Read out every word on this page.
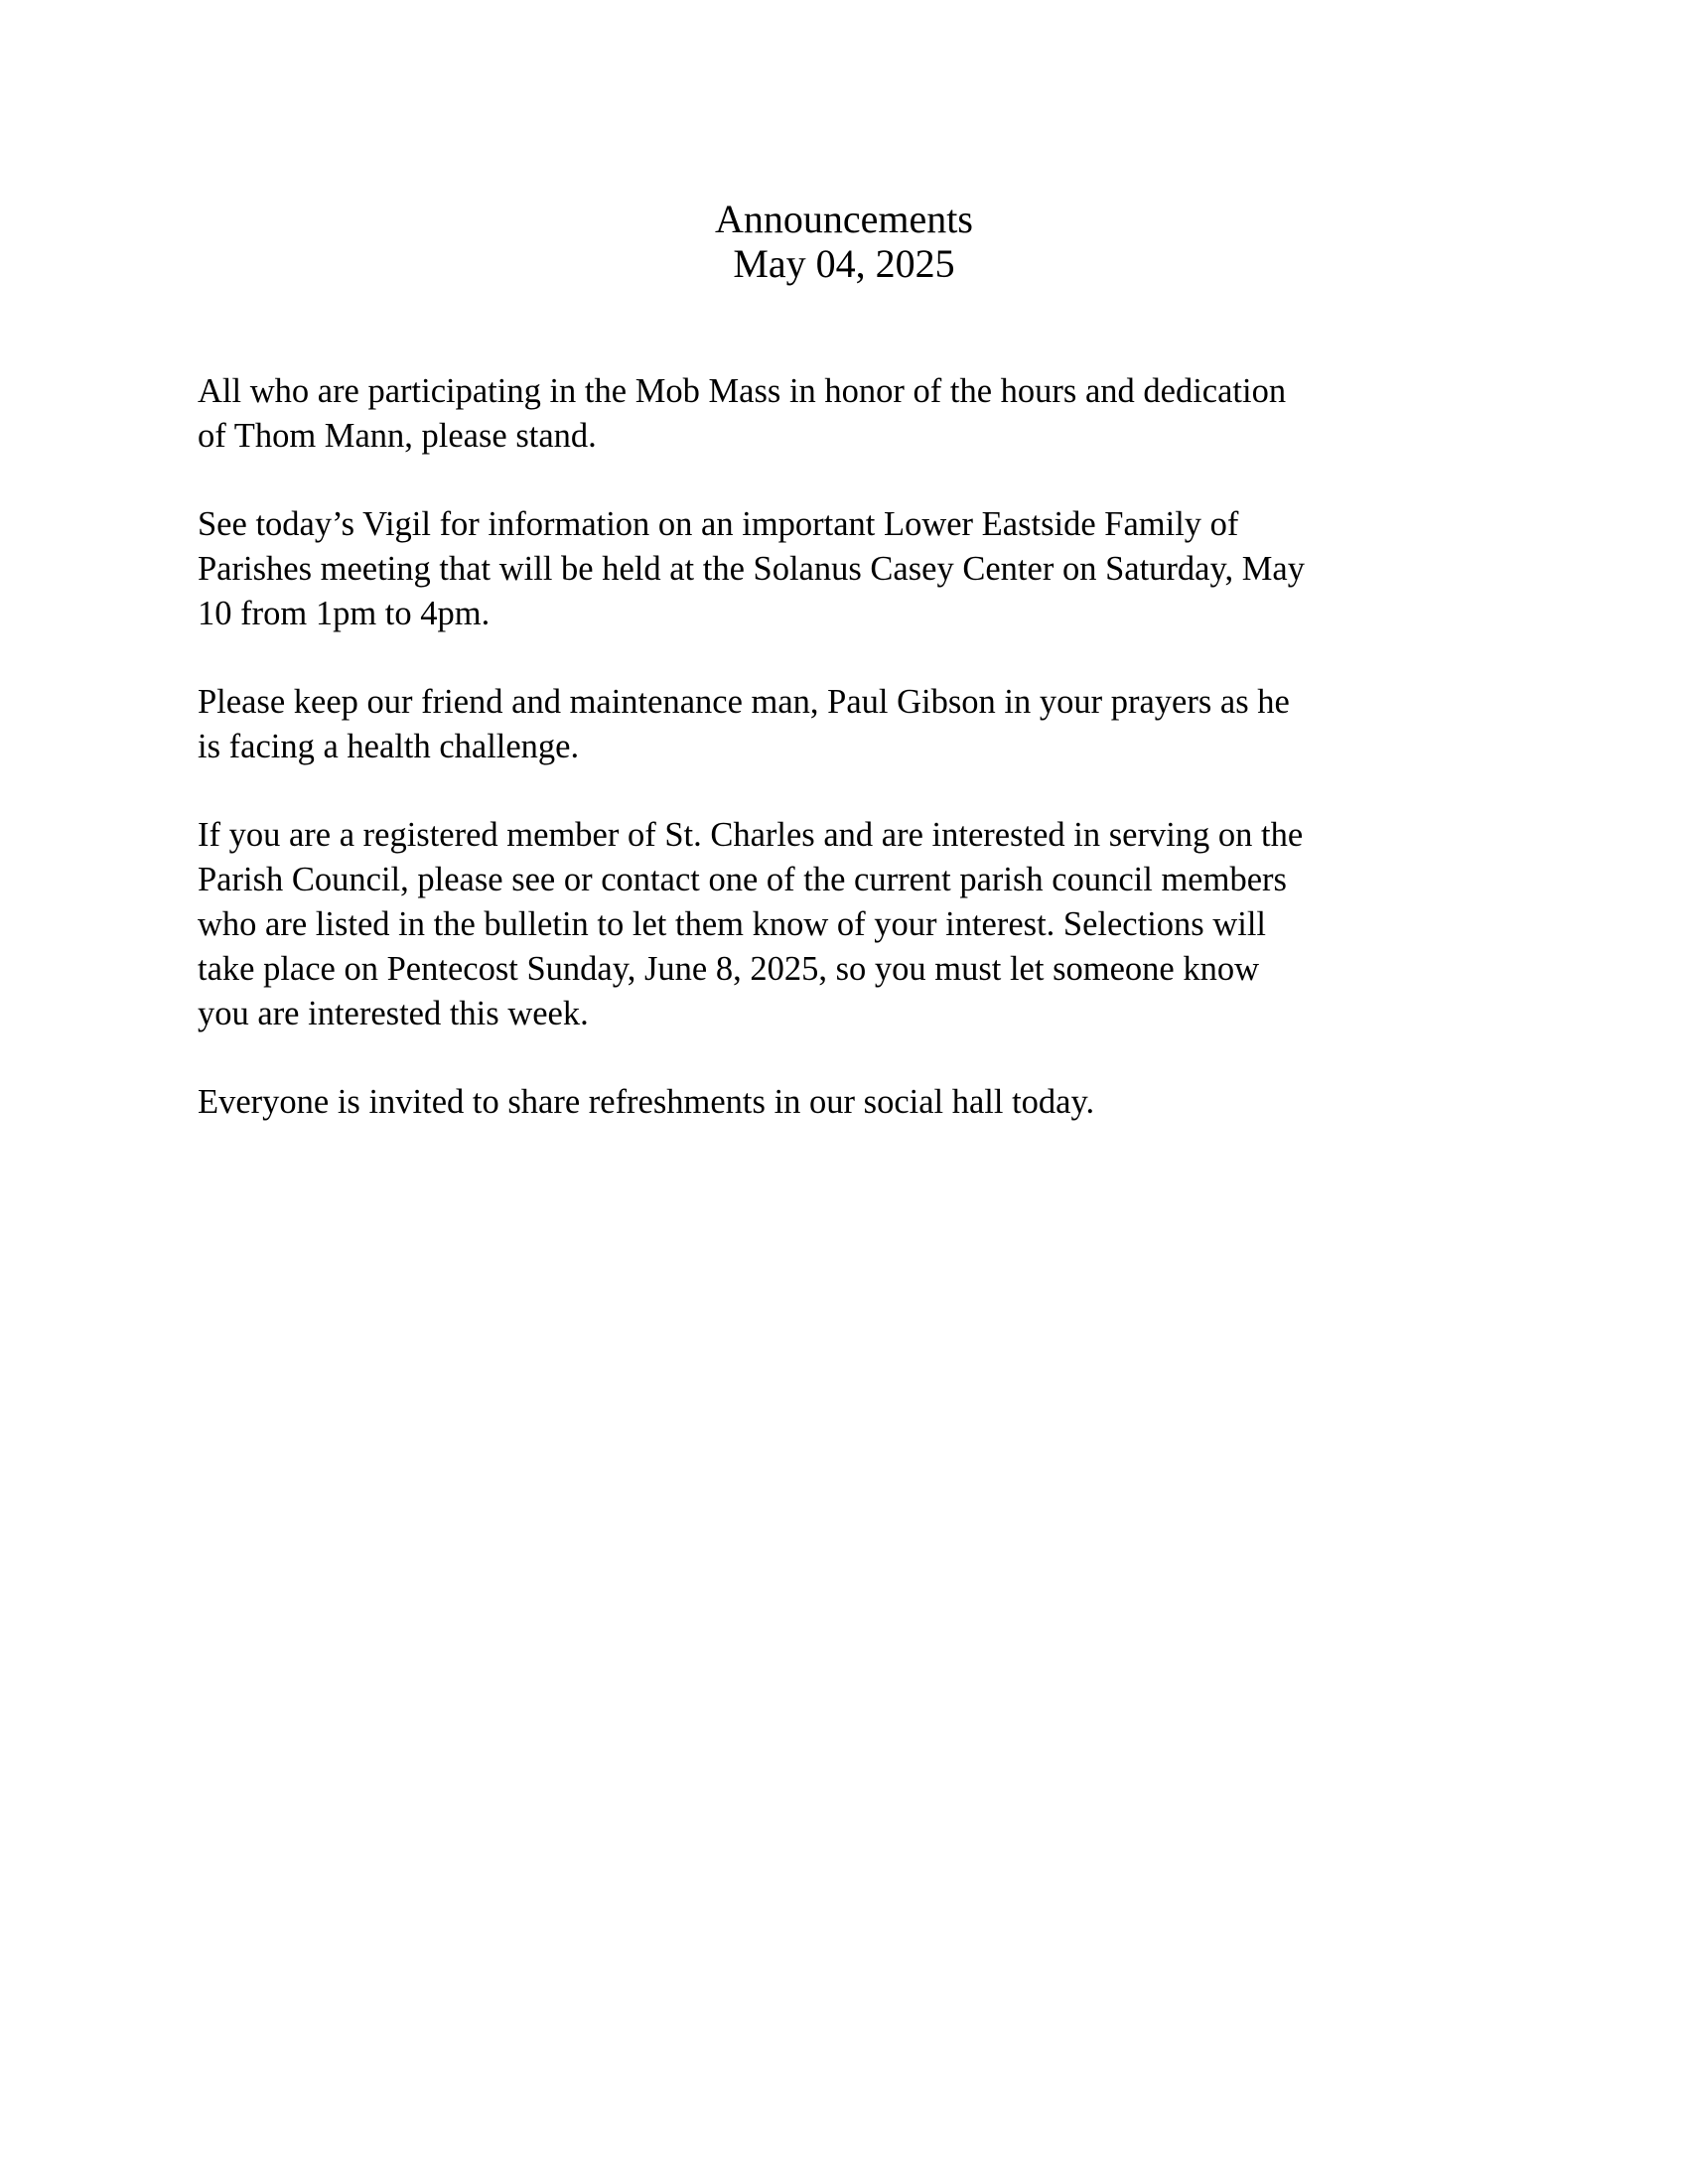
Announcements
May 04, 2025

All who are participating in the Mob Mass in honor of the hours and dedication
of Thom Mann, please stand.

See today’s Vigil for information on an important Lower Eastside Family of
Parishes meeting that will be held at the Solanus Casey Center on Saturday, May
10 from 1pm to 4pm.

Please keep our friend and maintenance man, Paul Gibson in your prayers as he
is facing a health challenge.

If you are a registered member of St. Charles and are interested in serving on the
Parish Council, please see or contact one of the current parish council members
who are listed in the bulletin to let them know of your interest. Selections will
take place on Pentecost Sunday, June 8, 2025, so you must let someone know
you are interested this week.

Everyone is invited to share refreshments in our social hall today.
